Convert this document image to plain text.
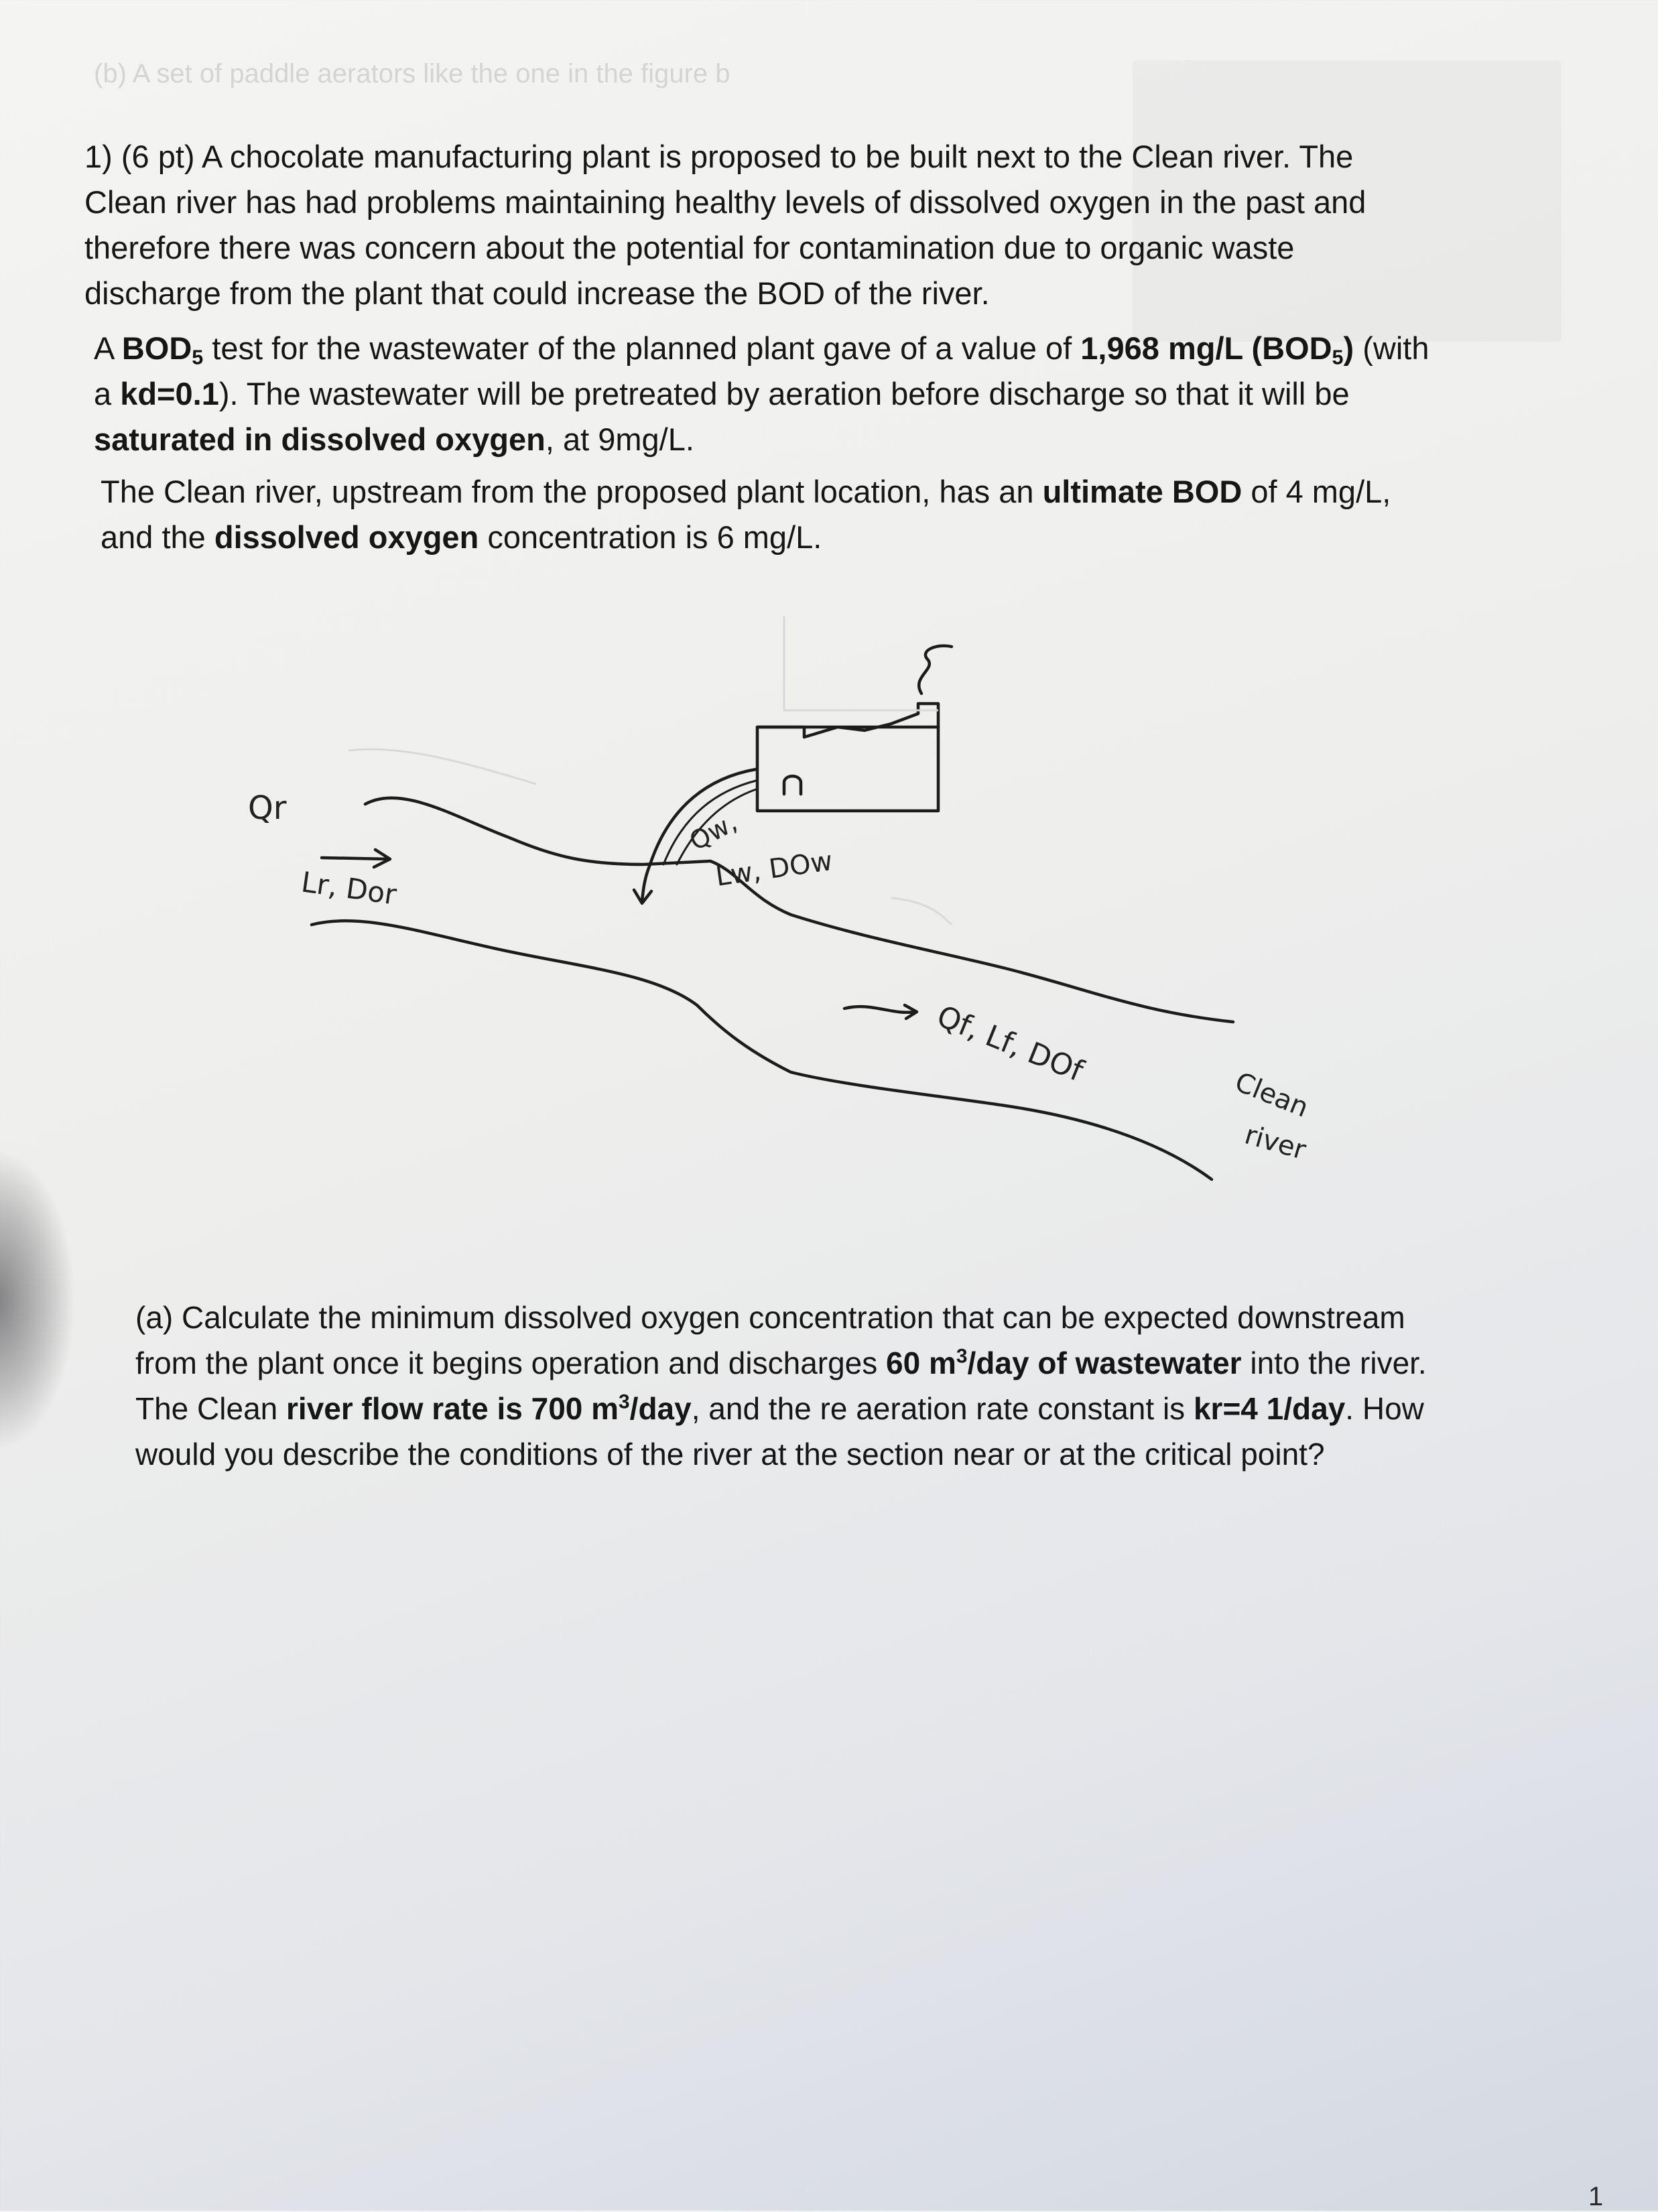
(b) A set of paddle aerators like the one in the figure b

1) (6 pt) A chocolate manufacturing plant is proposed to be built next to the Clean river. The
Clean river has had problems maintaining healthy levels of dissolved oxygen in the past and
therefore there was concern about the potential for contamination due to organic waste
discharge from the plant that could increase the BOD of the river.

A $BOD_5$ test for the wastewater of the planned plant gave of a value of 1,968 mg/L $(BOD_5)$ (with
a kd=0.1). The wastewater will be pretreated by aeration before discharge so that it will be
saturated in dissolved oxygen, at 9mg/L.

The Clean river, upstream from the proposed plant location, has an ultimate BOD of 4 mg/L,
and the dissolved oxygen concentration is 6 mg/L.

Qr
Lr, Dor
Qw,
Lw, DOw
Qf, Lf, DOf
Clean
river

(a) Calculate the minimum dissolved oxygen concentration that can be expected downstream
from the plant once it begins operation and discharges 60 $m^3$/day of wastewater into the river.
The Clean river flow rate is 700 $m^3$/day, and the re aeration rate constant is kr=4 1/day. How
would you describe the conditions of the river at the section near or at the critical point?

1
